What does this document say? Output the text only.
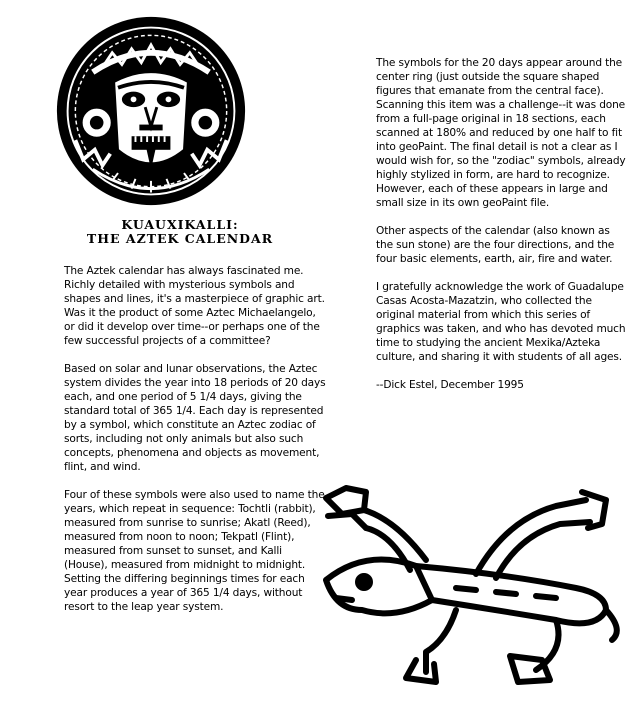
KUAUXIKALLI:
THE AZTEK CALENDAR

The Aztek calendar has always fascinated me. Richly detailed with mysterious symbols and shapes and lines, it's a masterpiece of graphic art. Was it the product of some Aztec Michaelangelo, or did it develop over time--or perhaps one of the few successful projects of a committee?

Based on solar and lunar observations, the Aztec system divides the year into 18 periods of 20 days each, and one period of 5 1/4 days, giving the standard total of 365 1/4. Each day is represented by a symbol, which constitute an Aztec zodiac of sorts, including not only animals but also such concepts, phenomena and objects as movement, flint, and wind.

Four of these symbols were also used to name the years, which repeat in sequence: Tochtli (rabbit), measured from sunrise to sunrise; Akatl (Reed), measured from noon to noon; Tekpatl (Flint), measured from sunset to sunset, and Kalli (House), measured from midnight to midnight. Setting the differing beginnings times for each year produces a year of 365 1/4 days, without resort to the leap year system.

The symbols for the 20 days appear around the center ring (just outside the square shaped figures that emanate from the central face). Scanning this item was a challenge--it was done from a full-page original in 18 sections, each scanned at 180% and reduced by one half to fit into geoPaint. The final detail is not a clear as I would wish for, so the "zodiac" symbols, already highly stylized in form, are hard to recognize. However, each of these appears in large and small size in its own geoPaint file.

Other aspects of the calendar (also known as the sun stone) are the four directions, and the four basic elements, earth, air, fire and water.

I gratefully acknowledge the work of Guadalupe Casas Acosta-Mazatzin, who collected the original material from which this series of graphics was taken, and who has devoted much time to studying the ancient Mexika/Azteka culture, and sharing it with students of all ages.

--Dick Estel, December 1995
